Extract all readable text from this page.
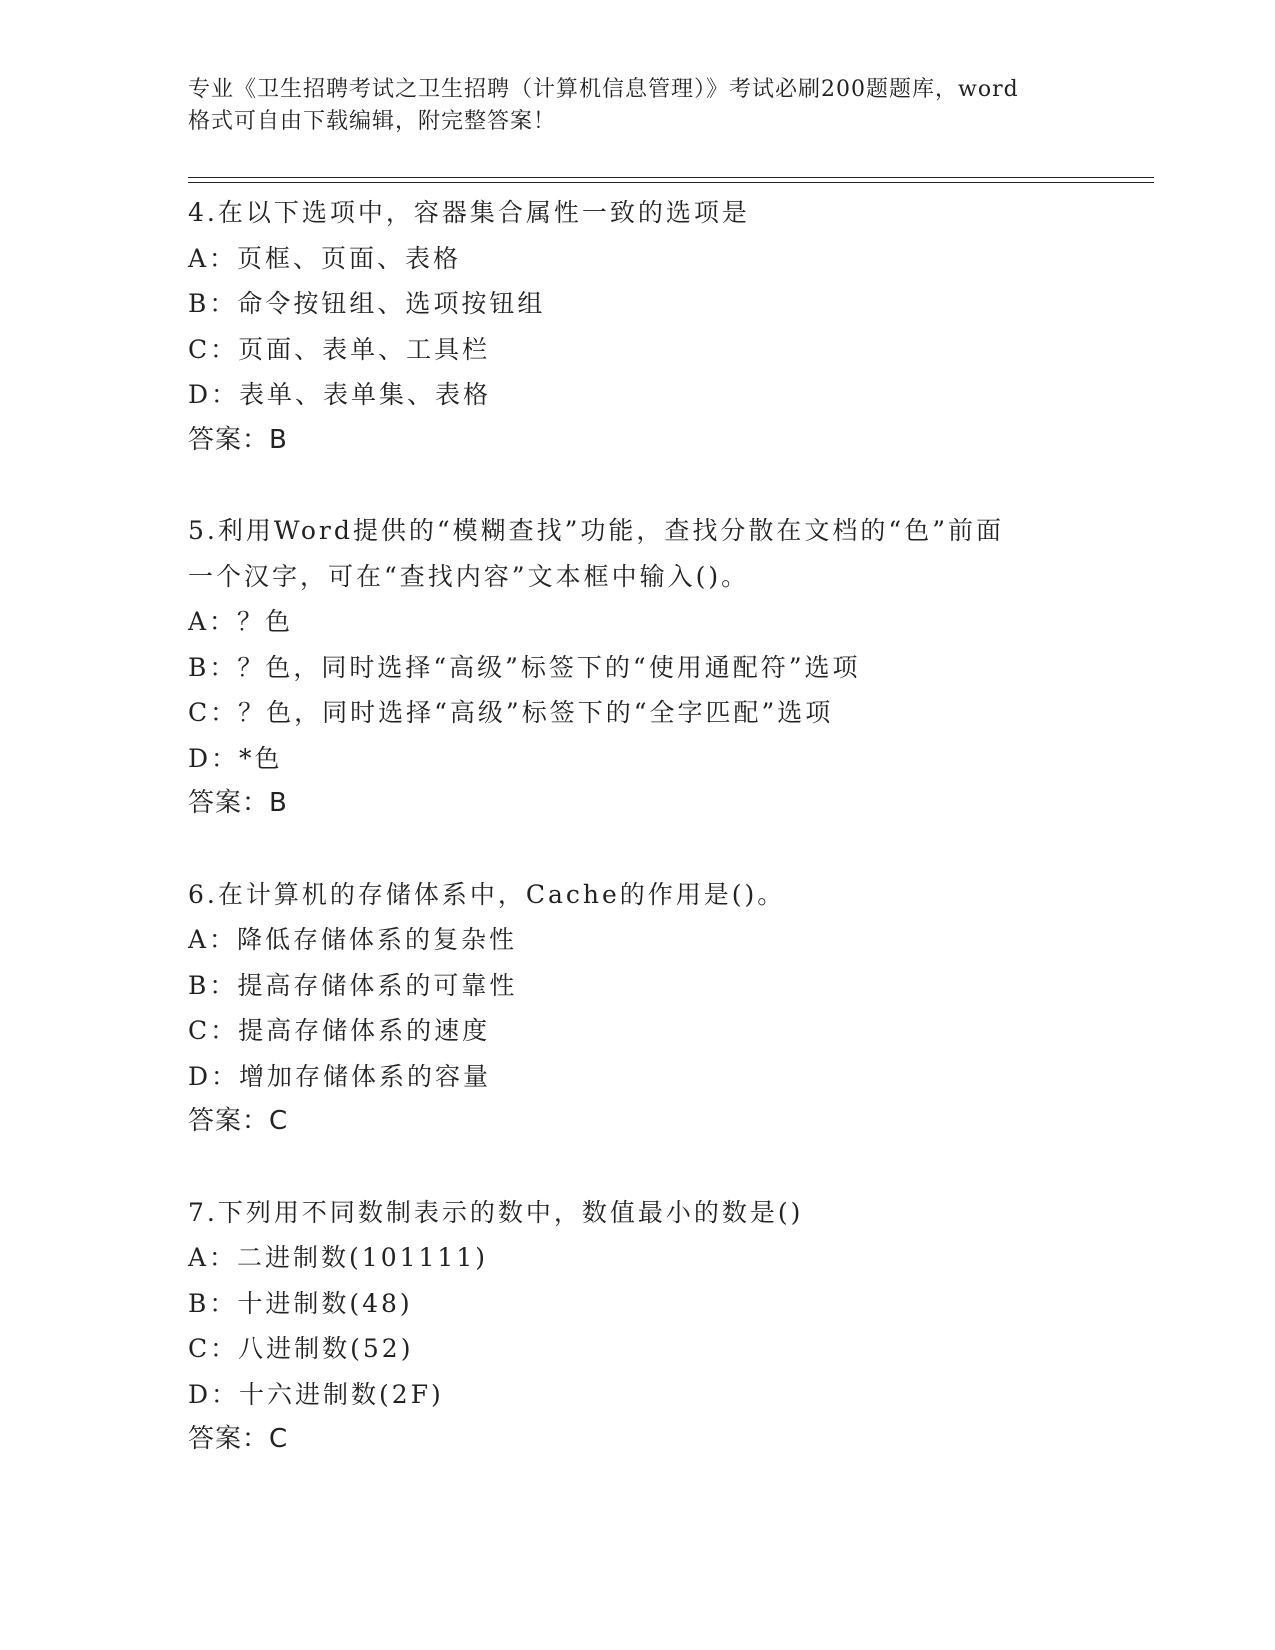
专业《卫生招聘考试之卫生招聘（计算机信息管理）》考试必刷200题题库，word
格式可自由下载编辑，附完整答案！
4.在以下选项中，容器集合属性一致的选项是
A：页框、页面、表格
B：命令按钮组、选项按钮组
C：页面、表单、工具栏
D：表单、表单集、表格
答案：B
5.利用Word提供的“模糊查找”功能，查找分散在文档的“色”前面
一个汉字，可在“查找内容”文本框中输入()。
A：？色
B：？色，同时选择“高级”标签下的“使用通配符”选项
C：？色，同时选择“高级”标签下的“全字匹配”选项
D：*色
答案：B
6.在计算机的存储体系中，Cache的作用是()。
A：降低存储体系的复杂性
B：提高存储体系的可靠性
C：提高存储体系的速度
D：增加存储体系的容量
答案：C
7.下列用不同数制表示的数中，数值最小的数是()
A：二进制数(101111)
B：十进制数(48)
C：八进制数(52)
D：十六进制数(2F)
答案：C
